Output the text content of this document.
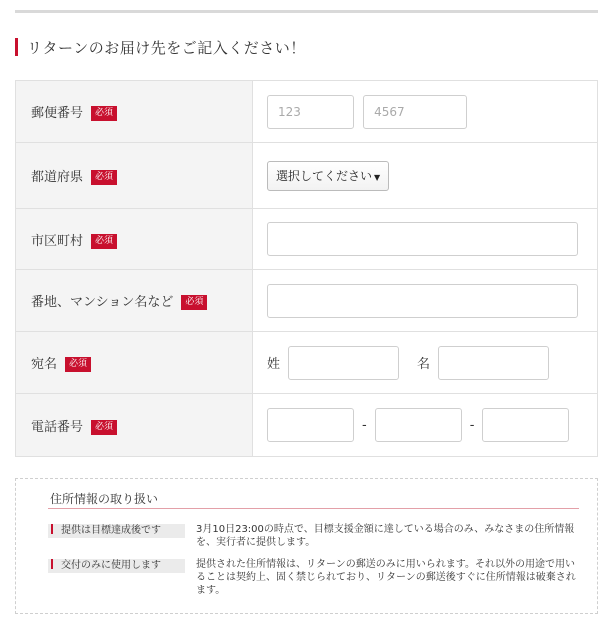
リターンのお届け先をご記入ください！
郵便番号 必須	123 4567
都道府県 必須	選択してください ▼
市区町村 必須	
番地、マンション名など 必須	
宛名 必須	姓 名
電話番号 必須	- -
住所情報の取り扱い
提供は目標達成後です	3月10日23:00の時点で、目標支援金額に達している場合のみ、みなさまの住所情報を、実行者に提供します。
交付のみに使用します	提供された住所情報は、リターンの郵送のみに用いられます。それ以外の用途で用いることは契約上、固く禁じられており、リターンの郵送後すぐに住所情報は破棄されます。
